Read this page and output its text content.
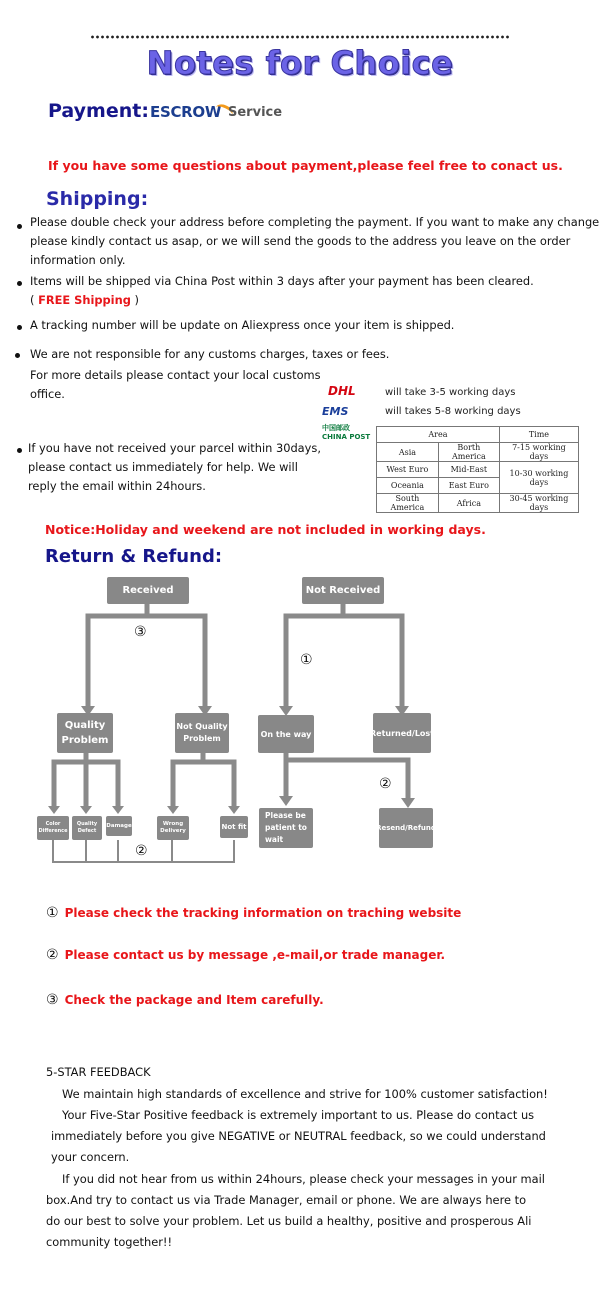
Notes for Choice
Payment: ESCROW Service
If you have some questions about payment,please feel free to conact us.
Shipping:
Please double check your address before completing the payment. If you want to make any change
please kindly contact us asap, or we will send the goods to the address you leave on the order
information only.
Items will be shipped via China Post within 3 days after your payment has been cleared.
( FREE Shipping )
A tracking number will be update on Aliexpress once your item is shipped.
We are not responsible for any customs charges, taxes or fees.
For more details please contact your local customs
office.
If you have not received your parcel within 30days,
please contact us immediately for help. We will
reply the email within 24hours.
DHL	will take 3-5 working days
EMS	will takes 5-8 working days
中国邮政 CHINA POST	Area		Time
Asia	Borth America	7-15 working days
West Euro	Mid-East	10-30 working days
Oceania	East Euro	
South America	Africa	30-45 working days
Notice:Holiday and weekend are not included in working days.
Return & Refund:
Received	Not Received
③
①
Quality Problem
Not Quality Problem	On the way	Returned/Lost
②
Color Difference
Quality Defect
Damage	Wrong Delivery	Not fit
Please be patient to wait
Resend/Refund
②
① Please check the tracking information on traching website
② Please contact us by message ,e-mail,or trade manager.
③ Check the package and Item carefully.
5-STAR FEEDBACK
We maintain high standards of excellence and strive for 100% customer satisfaction!
Your Five-Star Positive feedback is extremely important to us. Please do contact us
immediately before you give NEGATIVE or NEUTRAL feedback, so we could understand
your concern.
If you did not hear from us within 24hours, please check your messages in your mail
box.And try to contact us via Trade Manager, email or phone. We are always here to
do our best to solve your problem. Let us build a healthy, positive and prosperous Ali
community together!!
